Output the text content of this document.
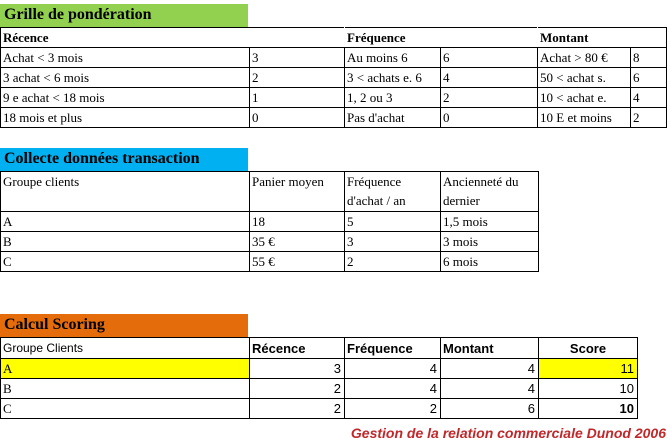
Grille de pondération
Récence		Fréquence		Montant	
Achat < 3 mois	3	Au moins 6	6	Achat > 80 €	8
3 achat < 6 mois	2	3 < achats e. 6	4	50 < achat s.	6
9 e achat < 18 mois	1	1, 2 ou 3	2	10 < achat e.	4
18 mois et plus	0	Pas d'achat	0	10 E et moins	2
Collecte données transaction
Groupe clients	Panier moyen	Fréquence d'achat / an	Ancienneté du dernier
A	18	5	1,5 mois
B	35 €	3	3 mois
C	55 €	2	6 mois
Calcul Scoring
Groupe Clients	Récence	Fréquence	Montant	Score
A	3	4	4	11
B	2	4	4	10
C	2	2	6	10
Gestion de la relation commerciale Dunod 2006
